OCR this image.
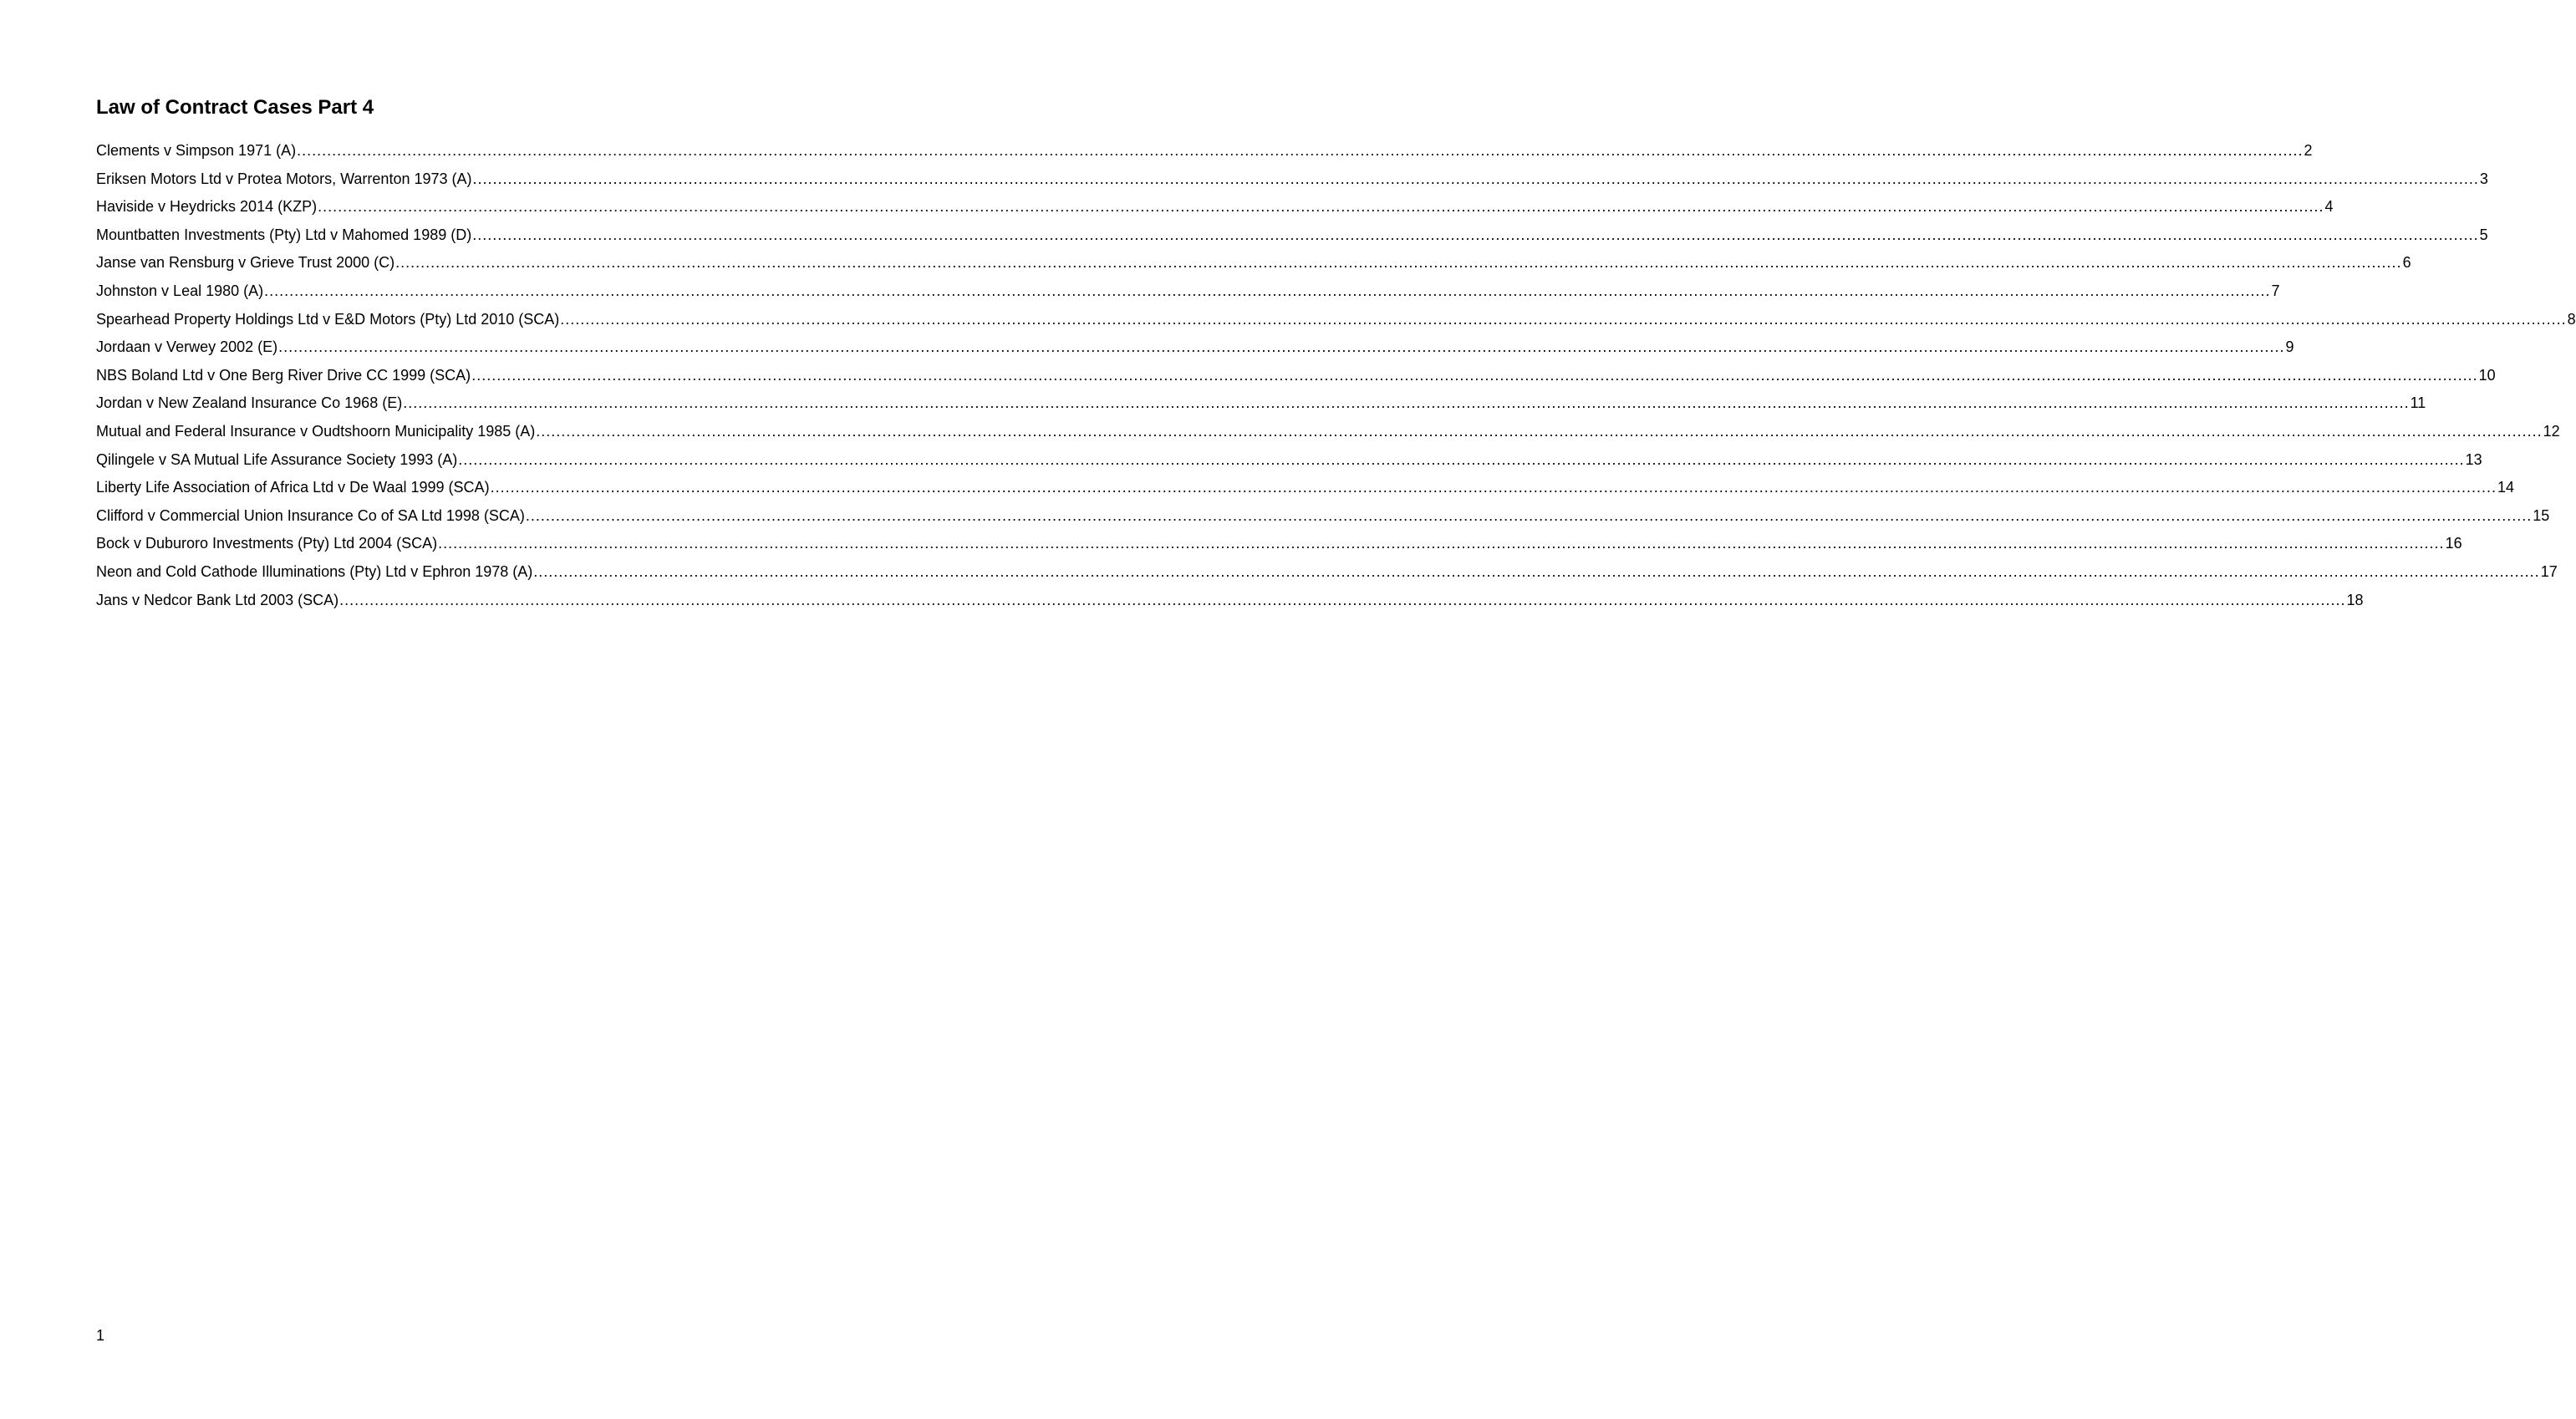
Law of Contract Cases Part 4
Clements v Simpson 1971 (A) ................................................................................................................................................................................................................................................................................................................................................................................................................ 2
Eriksen Motors Ltd v Protea Motors, Warrenton 1973 (A) ................................................................................................................................................................................................................................................................................................................................................................................................................ 3
Haviside v Heydricks 2014 (KZP) ................................................................................................................................................................................................................................................................................................................................................................................................................ 4
Mountbatten Investments (Pty) Ltd v Mahomed 1989 (D) ................................................................................................................................................................................................................................................................................................................................................................................................................ 5
Janse van Rensburg v Grieve Trust 2000 (C) ................................................................................................................................................................................................................................................................................................................................................................................................................ 6
Johnston v Leal 1980 (A) ................................................................................................................................................................................................................................................................................................................................................................................................................ 7
Spearhead Property Holdings Ltd v E&D Motors (Pty) Ltd 2010 (SCA) ................................................................................................................................................................................................................................................................................................................................................................................................................ 8
Jordaan v Verwey 2002 (E) ................................................................................................................................................................................................................................................................................................................................................................................................................ 9
NBS Boland Ltd v One Berg River Drive CC 1999 (SCA) ................................................................................................................................................................................................................................................................................................................................................................................................................ 10
Jordan v New Zealand Insurance Co 1968 (E) ................................................................................................................................................................................................................................................................................................................................................................................................................ 11
Mutual and Federal Insurance v Oudtshoorn Municipality 1985 (A) ................................................................................................................................................................................................................................................................................................................................................................................................................ 12
Qilingele v SA Mutual Life Assurance Society 1993 (A) ................................................................................................................................................................................................................................................................................................................................................................................................................ 13
Liberty Life Association of Africa Ltd v De Waal 1999 (SCA) ................................................................................................................................................................................................................................................................................................................................................................................................................ 14
Clifford v Commercial Union Insurance Co of SA Ltd 1998 (SCA) ................................................................................................................................................................................................................................................................................................................................................................................................................ 15
Bock v Duburoro Investments (Pty) Ltd 2004 (SCA) ................................................................................................................................................................................................................................................................................................................................................................................................................ 16
Neon and Cold Cathode Illuminations (Pty) Ltd v Ephron 1978 (A) ................................................................................................................................................................................................................................................................................................................................................................................................................ 17
Jans v Nedcor Bank Ltd 2003 (SCA) ................................................................................................................................................................................................................................................................................................................................................................................................................ 18
1
